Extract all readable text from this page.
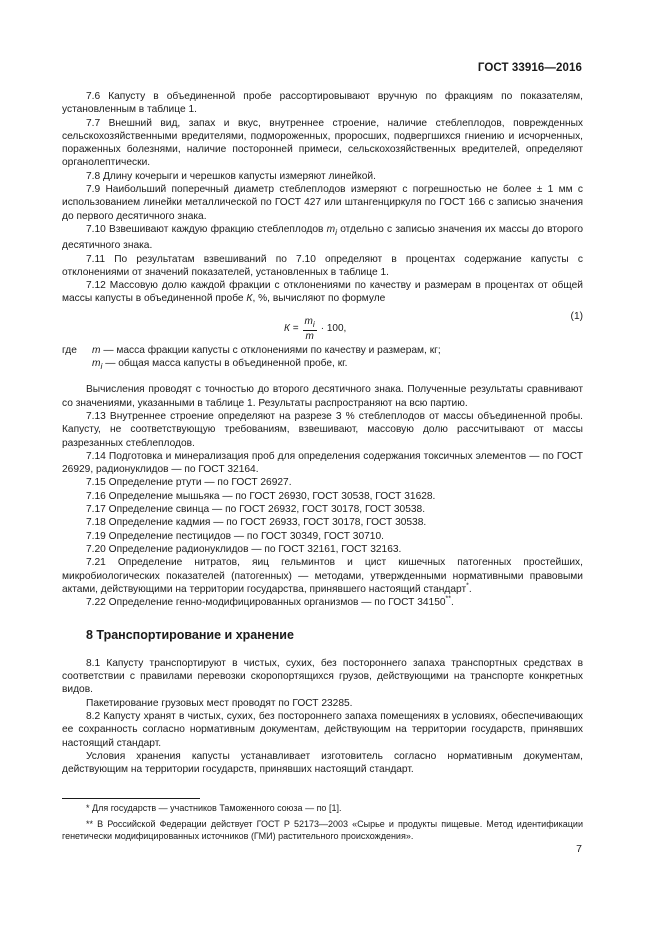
ГОСТ 33916—2016

7.6 Капусту в объединенной пробе рассортировывают вручную по фракциям по показателям, установленным в таблице 1.

7.7 Внешний вид, запах и вкус, внутреннее строение, наличие стеблеплодов, поврежденных сельскохозяйственными вредителями, подмороженных, проросших, подвергшихся гниению и исчорченных, пораженных болезнями, наличие посторонней примеси, сельскохозяйственных вредителей, определяют органолептически.

7.8 Длину кочерыги и черешков капусты измеряют линейкой.

7.9 Наибольший поперечный диаметр стеблеплодов измеряют с погрешностью не более ± 1 мм с использованием линейки металлической по ГОСТ 427 или штангенциркуля по ГОСТ 166 с записью значения до первого десятичного знака.

7.10 Взвешивают каждую фракцию стеблеплодов $m_i$ отдельно с записью значения их массы до второго десятичного знака.

7.11 По результатам взвешиваний по 7.10 определяют в процентах содержание капусты с отклонениями от значений показателей, установленных в таблице 1.

7.12 Массовую долю каждой фракции с отклонениями по качеству и размерам в процентах от общей массы капусты в объединенной пробе К, %, вычисляют по формуле

$К = \frac{m_i}{m} \cdot 100$,
(1)
где	m — масса фракции капусты с отклонениями по качеству и размерам, кг;

$m_i$ — общая масса капусты в объединенной пробе, кг.

Вычисления проводят с точностью до второго десятичного знака. Полученные результаты сравнивают со значениями, указанными в таблице 1. Результаты распространяют на всю партию.

7.13 Внутреннее строение определяют на разрезе 3 % стеблеплодов от массы объединенной пробы. Капусту, не соответствующую требованиям, взвешивают, массовую долю рассчитывают от массы разрезанных стеблеплодов.

7.14 Подготовка и минерализация проб для определения содержания токсичных элементов — по ГОСТ 26929, радионуклидов — по ГОСТ 32164.

7.15 Определение ртути — по ГОСТ 26927.

7.16 Определение мышьяка — по ГОСТ 26930, ГОСТ 30538, ГОСТ 31628.

7.17 Определение свинца — по ГОСТ 26932, ГОСТ 30178, ГОСТ 30538.

7.18 Определение кадмия — по ГОСТ 26933, ГОСТ 30178, ГОСТ 30538.

7.19 Определение пестицидов — по ГОСТ 30349, ГОСТ 30710.

7.20 Определение радионуклидов — по ГОСТ 32161, ГОСТ 32163.

7.21 Определение нитратов, яиц гельминтов и цист кишечных патогенных простейших, микробиологических показателей (патогенных) — методами, утвержденными нормативными правовыми актами, действующими на территории государства, принявшего настоящий стандарт*.

7.22 Определение генно-модифицированных организмов — по ГОСТ 34150**.

8 Транспортирование и хранение

8.1 Капусту транспортируют в чистых, сухих, без постороннего запаха транспортных средствах в соответствии с правилами перевозки скоропортящихся грузов, действующими на транспорте конкретных видов.

Пакетирование грузовых мест проводят по ГОСТ 23285.

8.2 Капусту хранят в чистых, сухих, без постороннего запаха помещениях в условиях, обеспечивающих ее сохранность согласно нормативным документам, действующим на территории государств, принявших настоящий стандарт.

Условия хранения капусты устанавливает изготовитель согласно нормативным документам, действующим на территории государств, принявших настоящий стандарт.

* Для государств — участников Таможенного союза — по [1].

** В Российской Федерации действует ГОСТ Р 52173—2003 «Сырье и продукты пищевые. Метод идентификации генетически модифицированных источников (ГМИ) растительного происхождения».

7
